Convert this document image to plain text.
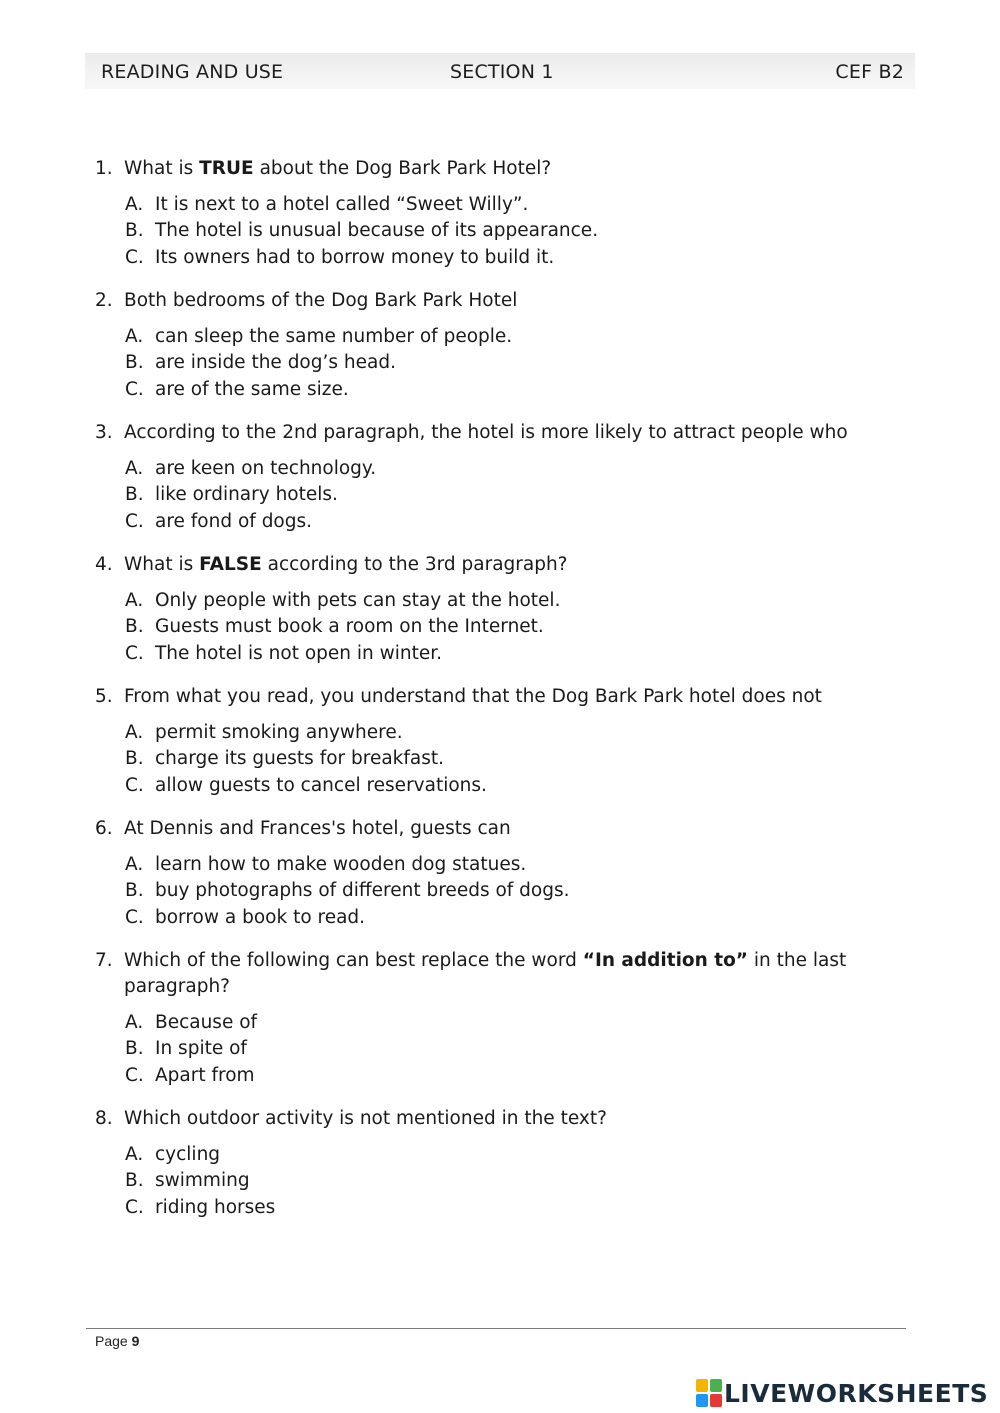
READING AND USE	SECTION 1	CEF B2
1. What is TRUE about the Dog Bark Park Hotel?
A. It is next to a hotel called “Sweet Willy”.
B. The hotel is unusual because of its appearance.
C. Its owners had to borrow money to build it.
2. Both bedrooms of the Dog Bark Park Hotel
A. can sleep the same number of people.
B. are inside the dog’s head.
C. are of the same size.
3. According to the 2nd paragraph, the hotel is more likely to attract people who
A. are keen on technology.
B. like ordinary hotels.
C. are fond of dogs.
4. What is FALSE according to the 3rd paragraph?
A. Only people with pets can stay at the hotel.
B. Guests must book a room on the Internet.
C. The hotel is not open in winter.
5. From what you read, you understand that the Dog Bark Park hotel does not
A. permit smoking anywhere.
B. charge its guests for breakfast.
C. allow guests to cancel reservations.
6. At Dennis and Frances's hotel, guests can
A. learn how to make wooden dog statues.
B. buy photographs of different breeds of dogs.
C. borrow a book to read.
7. Which of the following can best replace the word “In addition to” in the last paragraph?
A. Because of
B. In spite of
C. Apart from
8. Which outdoor activity is not mentioned in the text?
A. cycling
B. swimming
C. riding horses
Page 9
LIVEWORKSHEETS
